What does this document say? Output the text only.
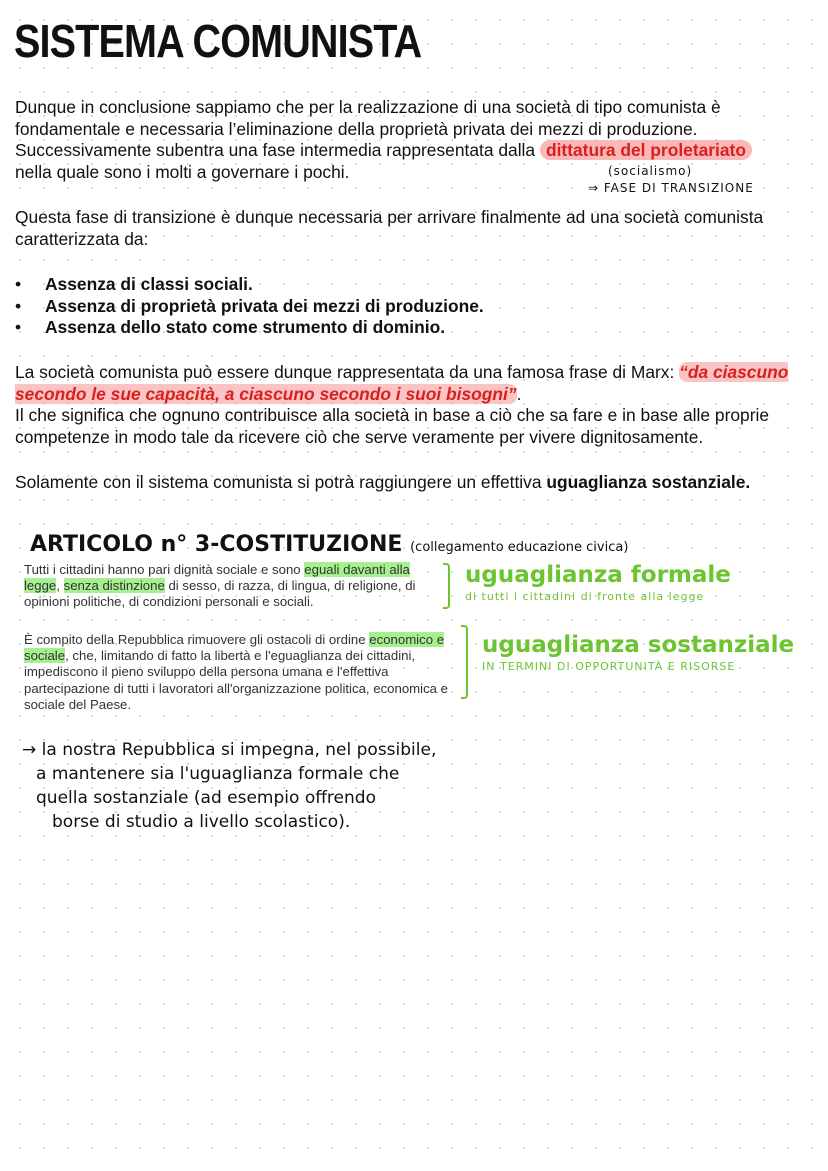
SISTEMA COMUNISTA
Dunque in conclusione sappiamo che per la realizzazione di una società di tipo comunista è
fondamentale e necessaria l’eliminazione della proprietà privata dei mezzi di produzione.
Successivamente subentra una fase intermedia rappresentata dalla dittatura del proletariato
nella quale sono i molti a governare i pochi.	(socialismo)
⇒ FASE DI TRANSIZIONE
Questa fase di transizione è dunque necessaria per arrivare finalmente ad una società comunista caratterizzata da:
• Assenza di classi sociali.
• Assenza di proprietà privata dei mezzi di produzione.
• Assenza dello stato come strumento di dominio.
La società comunista può essere dunque rappresentata da una famosa frase di Marx: “da ciascuno secondo le sue capacità, a ciascuno secondo i suoi bisogni”.
Il che significa che ognuno contribuisce alla società in base a ciò che sa fare e in base alle proprie competenze in modo tale da ricevere ciò che serve veramente per vivere dignitosamente.
Solamente con il sistema comunista si potrà raggiungere un effettiva uguaglianza sostanziale.
ARTICOLO n° 3-COSTITUZIONE (collegamento educazione civica)
Tutti i cittadini hanno pari dignità sociale e sono eguali davanti alla legge, senza distinzione di sesso, di razza, di lingua, di religione, di opinioni politiche, di condizioni personali e sociali.
uguaglianza formale
di tutti i cittadini di fronte alla legge
È compito della Repubblica rimuovere gli ostacoli di ordine economico e sociale, che, limitando di fatto la libertà e l'eguaglianza dei cittadini, impediscono il pieno sviluppo della persona umana e l'effettiva partecipazione di tutti i lavoratori all'organizzazione politica, economica e sociale del Paese.
uguaglianza sostanziale
IN TERMINI DI OPPORTUNITÀ E RISORSE
→ la nostra Repubblica si impegna, nel possibile,
a mantenere sia l'uguaglianza formale che
quella sostanziale (ad esempio offrendo
borse di studio a livello scolastico).
